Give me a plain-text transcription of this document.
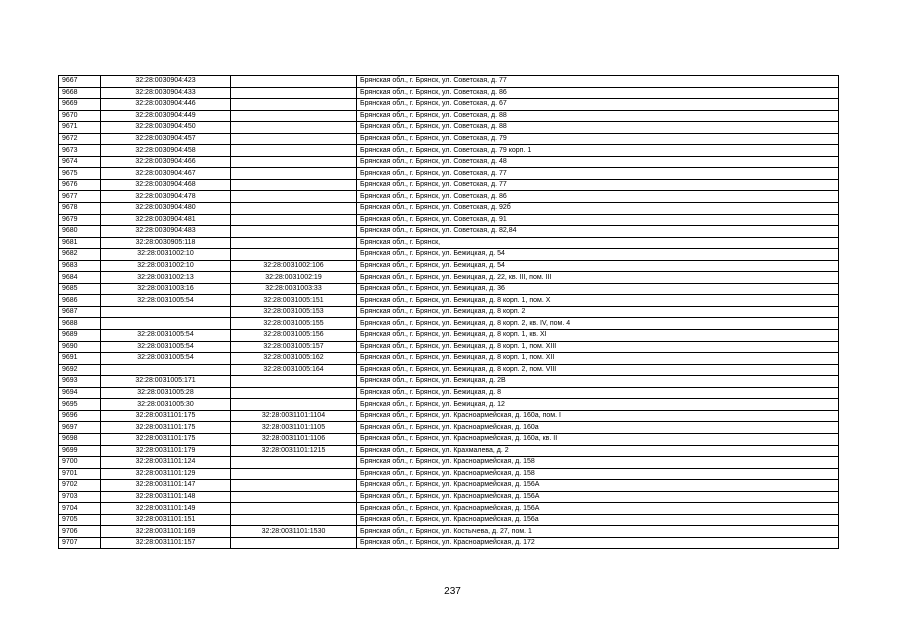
9667	32:28:0030904:423		Брянская обл., г. Брянск, ул. Советская, д. 77
9668	32:28:0030904:433		Брянская обл., г. Брянск, ул. Советская, д. 86
9669	32:28:0030904:446		Брянская обл., г. Брянск, ул. Советская, д. 67
9670	32:28:0030904:449		Брянская обл., г. Брянск, ул. Советская, д. 88
9671	32:28:0030904:450		Брянская обл., г. Брянск, ул. Советская, д. 88
9672	32:28:0030904:457		Брянская обл., г. Брянск, ул. Советская, д. 79
9673	32:28:0030904:458		Брянская обл., г. Брянск, ул. Советская, д. 79 корп. 1
9674	32:28:0030904:466		Брянская обл., г. Брянск, ул. Советская, д. 48
9675	32:28:0030904:467		Брянская обл., г. Брянск, ул. Советская, д. 77
9676	32:28:0030904:468		Брянская обл., г. Брянск, ул. Советская, д. 77
9677	32:28:0030904:478		Брянская обл., г. Брянск, ул. Советская, д. 86
9678	32:28:0030904:480		Брянская обл., г. Брянск, ул. Советская, д. 92б
9679	32:28:0030904:481		Брянская обл., г. Брянск, ул. Советская, д. 91
9680	32:28:0030904:483		Брянская обл., г. Брянск, ул. Советская, д. 82,84
9681	32:28:0030905:118		Брянская обл., г. Брянск,
9682	32:28:0031002:10		Брянская обл., г. Брянск, ул. Бежицкая, д. 54
9683	32:28:0031002:10	32:28:0031002:106	Брянская обл., г. Брянск, ул. Бежицкая, д. 54
9684	32:28:0031002:13	32:28:0031002:19	Брянская обл., г. Брянск, ул. Бежицкая, д. 22, кв. III, пом. III
9685	32:28:0031003:16	32:28:0031003:33	Брянская обл., г. Брянск, ул. Бежицкая, д. 36
9686	32:28:0031005:54	32:28:0031005:151	Брянская обл., г. Брянск, ул. Бежицкая, д. 8 корп. 1, пом. Х
9687		32:28:0031005:153	Брянская обл., г. Брянск, ул. Бежицкая, д. 8 корп. 2
9688		32:28:0031005:155	Брянская обл., г. Брянск, ул. Бежицкая, д. 8 корп. 2, кв. IV, пом. 4
9689	32:28:0031005:54	32:28:0031005:156	Брянская обл., г. Брянск, ул. Бежицкая, д. 8 корп. 1, кв. XI
9690	32:28:0031005:54	32:28:0031005:157	Брянская обл., г. Брянск, ул. Бежицкая, д. 8 корп. 1, пом. XIII
9691	32:28:0031005:54	32:28:0031005:162	Брянская обл., г. Брянск, ул. Бежицкая, д. 8 корп. 1, пом. XII
9692		32:28:0031005:164	Брянская обл., г. Брянск, ул. Бежицкая, д. 8 корп. 2, пом. VIII
9693	32:28:0031005:171		Брянская обл., г. Брянск, ул. Бежицкая, д. 2В
9694	32:28:0031005:28		Брянская обл., г. Брянск, ул. Бежицкая, д. 8
9695	32:28:0031005:30		Брянская обл., г. Брянск, ул. Бежицкая, д. 12
9696	32:28:0031101:175	32:28:0031101:1104	Брянская обл., г. Брянск, ул. Красноармейская, д. 160а, пом. I
9697	32:28:0031101:175	32:28:0031101:1105	Брянская обл., г. Брянск, ул. Красноармейская, д. 160а
9698	32:28:0031101:175	32:28:0031101:1106	Брянская обл., г. Брянск, ул. Красноармейская, д. 160а, кв. II
9699	32:28:0031101:179	32:28:0031101:1215	Брянская обл., г. Брянск, ул. Крахмалева, д. 2
9700	32:28:0031101:124		Брянская обл., г. Брянск, ул. Красноармейская, д. 158
9701	32:28:0031101:129		Брянская обл., г. Брянск, ул. Красноармейская, д. 158
9702	32:28:0031101:147		Брянская обл., г. Брянск, ул. Красноармейская, д. 156А
9703	32:28:0031101:148		Брянская обл., г. Брянск, ул. Красноармейская, д. 156А
9704	32:28:0031101:149		Брянская обл., г. Брянск, ул. Красноармейская, д. 156А
9705	32:28:0031101:151		Брянская обл., г. Брянск, ул. Красноармейская, д. 156а
9706	32:28:0031101:169	32:28:0031101:1530	Брянская обл., г. Брянск, ул. Костычева, д. 27, пом. 1
9707	32:28:0031101:157		Брянская обл., г. Брянск, ул. Красноармейская, д. 172
237
